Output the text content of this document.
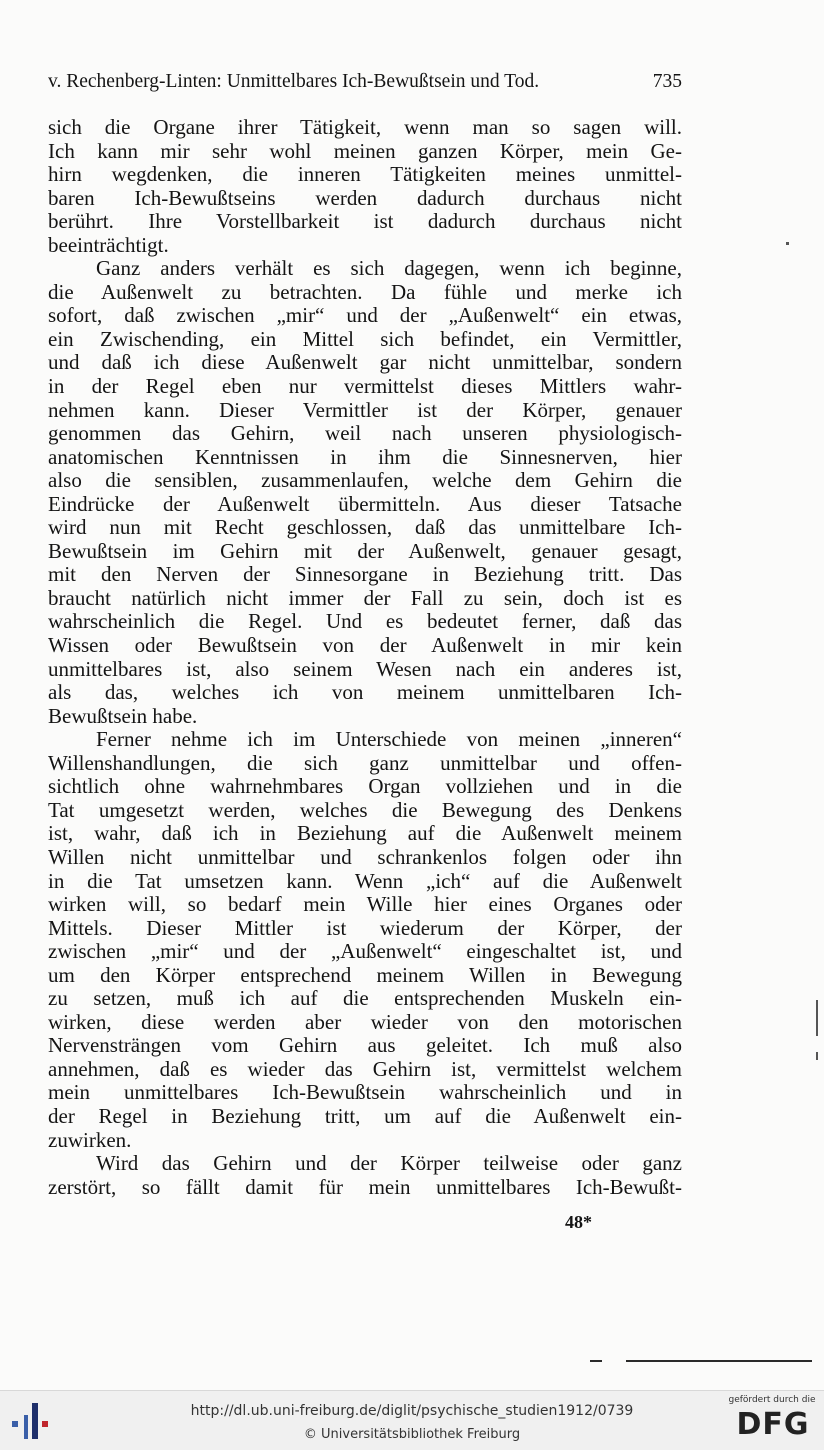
v. Rechenberg-Linten: Unmittelbares Ich-Bewußtsein und Tod.	735
sich die Organe ihrer Tätigkeit, wenn man so sagen will.
Ich kann mir sehr wohl meinen ganzen Körper, mein Ge-
hirn wegdenken, die inneren Tätigkeiten meines unmittel-
baren Ich-Bewußtseins werden dadurch durchaus nicht
berührt. Ihre Vorstellbarkeit ist dadurch durchaus nicht
beeinträchtigt.
Ganz anders verhält es sich dagegen, wenn ich beginne,
die Außenwelt zu betrachten. Da fühle und merke ich
sofort, daß zwischen „mir“ und der „Außenwelt“ ein etwas,
ein Zwischending, ein Mittel sich befindet, ein Vermittler,
und daß ich diese Außenwelt gar nicht unmittelbar, sondern
in der Regel eben nur vermittelst dieses Mittlers wahr-
nehmen kann. Dieser Vermittler ist der Körper, genauer
genommen das Gehirn, weil nach unseren physiologisch-
anatomischen Kenntnissen in ihm die Sinnesnerven, hier
also die sensiblen, zusammenlaufen, welche dem Gehirn die
Eindrücke der Außenwelt übermitteln. Aus dieser Tatsache
wird nun mit Recht geschlossen, daß das unmittelbare Ich-
Bewußtsein im Gehirn mit der Außenwelt, genauer gesagt,
mit den Nerven der Sinnesorgane in Beziehung tritt. Das
braucht natürlich nicht immer der Fall zu sein, doch ist es
wahrscheinlich die Regel. Und es bedeutet ferner, daß das
Wissen oder Bewußtsein von der Außenwelt in mir kein
unmittelbares ist, also seinem Wesen nach ein anderes ist,
als das, welches ich von meinem unmittelbaren Ich-
Bewußtsein habe.
Ferner nehme ich im Unterschiede von meinen „inneren“
Willenshandlungen, die sich ganz unmittelbar und offen-
sichtlich ohne wahrnehmbares Organ vollziehen und in die
Tat umgesetzt werden, welches die Bewegung des Denkens
ist, wahr, daß ich in Beziehung auf die Außenwelt meinem
Willen nicht unmittelbar und schrankenlos folgen oder ihn
in die Tat umsetzen kann. Wenn „ich“ auf die Außenwelt
wirken will, so bedarf mein Wille hier eines Organes oder
Mittels. Dieser Mittler ist wiederum der Körper, der
zwischen „mir“ und der „Außenwelt“ eingeschaltet ist, und
um den Körper entsprechend meinem Willen in Bewegung
zu setzen, muß ich auf die entsprechenden Muskeln ein-
wirken, diese werden aber wieder von den motorischen
Nervensträngen vom Gehirn aus geleitet. Ich muß also
annehmen, daß es wieder das Gehirn ist, vermittelst welchem
mein unmittelbares Ich-Bewußtsein wahrscheinlich und in
der Regel in Beziehung tritt, um auf die Außenwelt ein-
zuwirken.
Wird das Gehirn und der Körper teilweise oder ganz
zerstört, so fällt damit für mein unmittelbares Ich-Bewußt-
48*
http://dl.ub.uni-freiburg.de/diglit/psychische_studien1912/0739
© Universitätsbibliothek Freiburg
gefördert durch die
DFG
